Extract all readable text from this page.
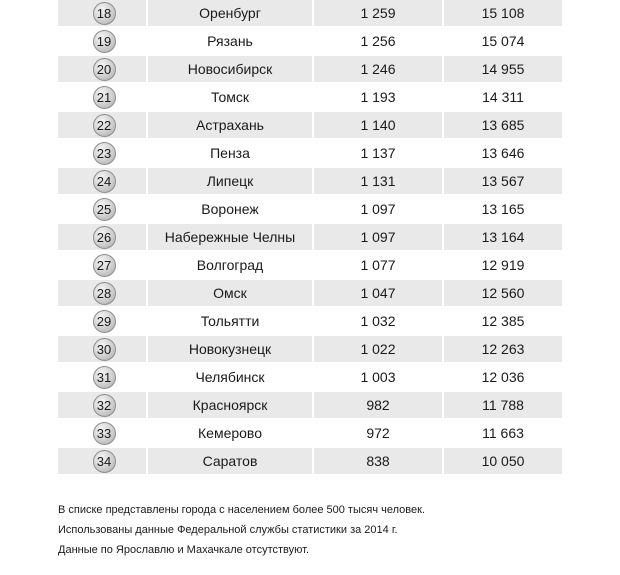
18	Оренбург	1 259	15 108
19	Рязань	1 256	15 074
20	Новосибирск	1 246	14 955
21	Томск	1 193	14 311
22	Астрахань	1 140	13 685
23	Пенза	1 137	13 646
24	Липецк	1 131	13 567
25	Воронеж	1 097	13 165
26	Набережные Челны	1 097	13 164
27	Волгоград	1 077	12 919
28	Омск	1 047	12 560
29	Тольятти	1 032	12 385
30	Новокузнецк	1 022	12 263
31	Челябинск	1 003	12 036
32	Красноярск	982	11 788
33	Кемерово	972	11 663
34	Саратов	838	10 050
В списке представлены города с населением более 500 тысяч человек.
Использованы данные Федеральной службы статистики за 2014 г.
Данные по Ярославлю и Махачкале отсутствуют.
